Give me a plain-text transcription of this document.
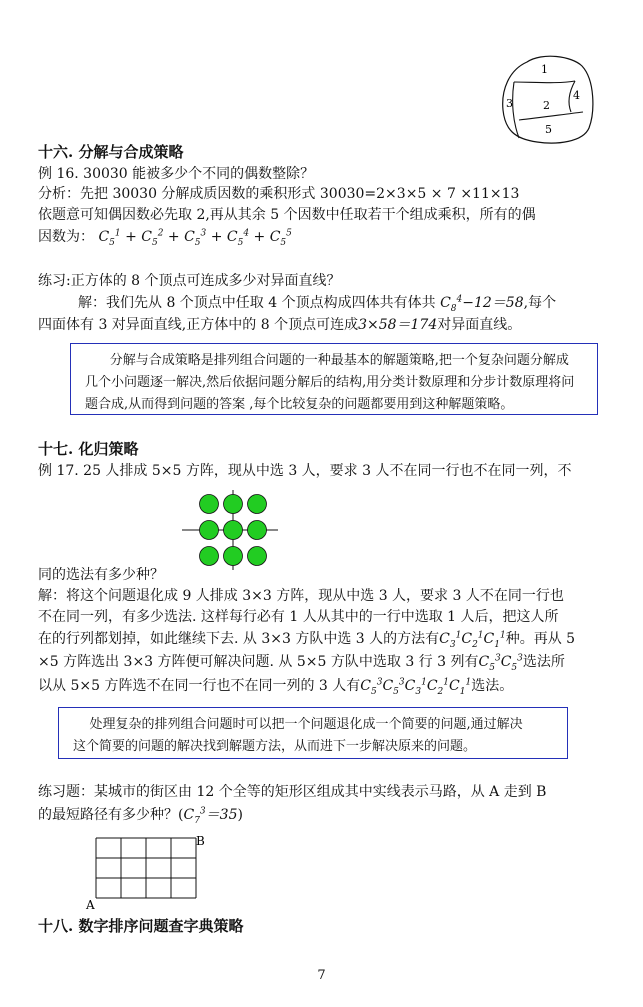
1
2
3
4
5
十六. 分解与合成策略
例 16. 30030 能被多少个不同的偶数整除？
分析：先把 30030 分解成质因数的乘积形式 30030=2×3×5 × 7 ×11×13
依题意可知偶因数必先取 2,再从其余 5 个因数中任取若干个组成乘积，所有的偶
因数为： $C_5^1 + C_5^2 + C_5^3 + C_5^4 + C_5^5$
练习:正方体的 8 个顶点可连成多少对异面直线？
解：我们先从 8 个顶点中任取 4 个顶点构成四体共有体共 $C_8^4-12=58$,每个
四面体有 3 对异面直线,正方体中的 8 个顶点可连成3×58＝174对异面直线。

分解与合成策略是排列组合问题的一种最基本的解题策略,把一个复杂问题分解成

几个小问题逐一解决,然后依据问题分解后的结构,用分类计数原理和分步计数原理将问

题合成,从而得到问题的答案 ,每个比较复杂的问题都要用到这种解题策略。

十七. 化归策略
例 17. 25 人排成 5×5 方阵，现从中选 3 人，要求 3 人不在同一行也不在同一列，不
同的选法有多少种？
解：将这个问题退化成 9 人排成 3×3 方阵，现从中选 3 人，要求 3 人不在同一行也
不在同一列，有多少选法. 这样每行必有 1 人从其中的一行中选取 1 人后，把这人所
在的行列都划掉，如此继续下去. 从 3×3 方队中选 3 人的方法有$C_3^1C_2^1C_1^1$种。再从 5
×5 方阵选出 3×3 方阵便可解决问题. 从 5×5 方队中选取 3 行 3 列有$C_5^3C_5^3$选法所
以从 5×5 方阵选不在同一行也不在同一列的 3 人有$C_5^3C_5^3C_3^1C_2^1C_1^1$选法。

处理复杂的排列组合问题时可以把一个问题退化成一个简要的问题,通过解决

这个简要的问题的解决找到解题方法，从而进下一步解决原来的问题。

练习题：某城市的街区由 12 个全等的矩形区组成其中实线表示马路，从 A 走到 B
的最短路径有多少种？$(C_7^3=35)$
B
A
十八. 数字排序问题查字典策略
7
